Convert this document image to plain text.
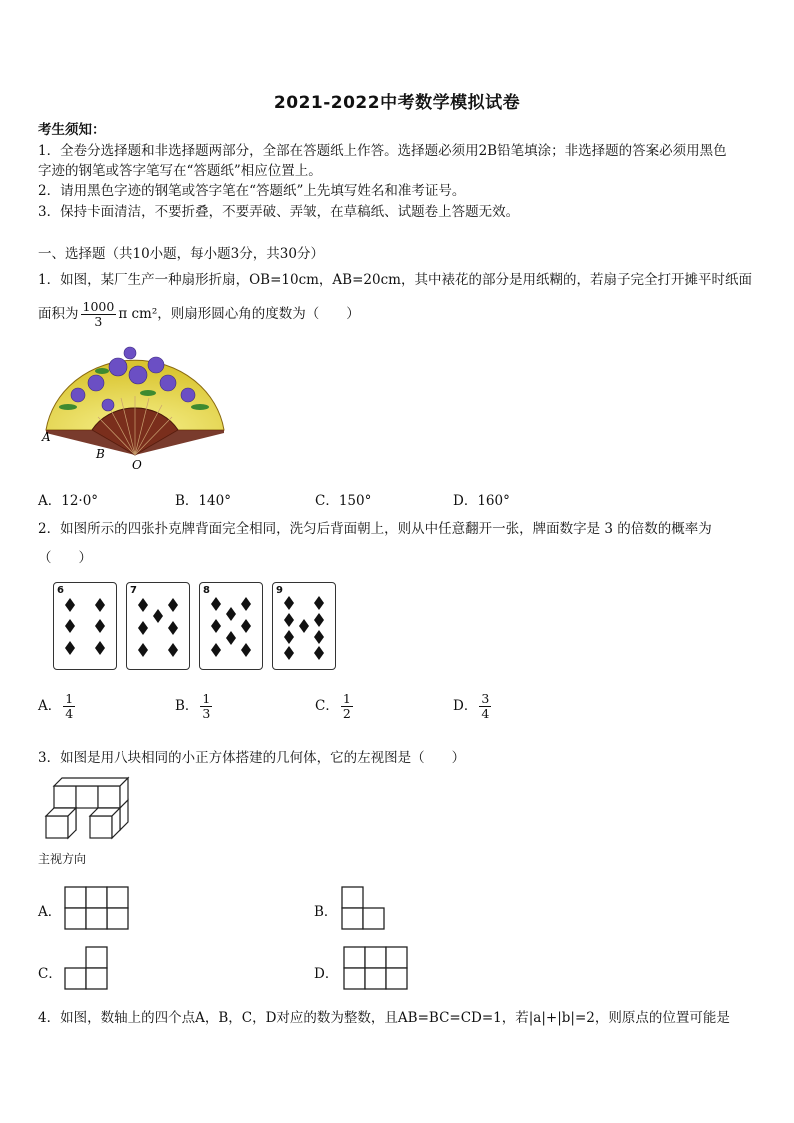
2021-2022中考数学模拟试卷
考生须知：
1．全卷分选择题和非选择题两部分，全部在答题纸上作答。选择题必须用2B铅笔填涂；非选择题的答案必须用黑色
字迹的钢笔或答字笔写在“答题纸”相应位置上。
2．请用黑色字迹的钢笔或答字笔在“答题纸”上先填写姓名和准考证号。
3．保持卡面清洁，不要折叠，不要弄破、弄皱，在草稿纸、试题卷上答题无效。
一、选择题（共10小题，每小题3分，共30分）
1．如图，某厂生产一种扇形折扇，OB=10cm，AB=20cm，其中裱花的部分是用纸糊的，若扇子完全打开摊平时纸面
面积为 $\frac{1000}{3}$ π cm²，则扇形圆心角的度数为（　　）
A
B
O
A．12·0°	B．140°	C．150°	D．160°
2．如图所示的四张扑克牌背面完全相同，洗匀后背面朝上，则从中任意翻开一张，牌面数字是 3 的倍数的概率为
（　　）
6	7	8	9
A． $\frac{1}{4}$	B． $\frac{1}{3}$	C． $\frac{1}{2}$	D． $\frac{3}{4}$
3．如图是用八块相同的小正方体搭建的几何体，它的左视图是（　　）
主视方向
A．	B．
C．	D．
4．如图，数轴上的四个点A，B，C，D对应的数为整数，且AB=BC=CD=1，若|a|+|b|=2，则原点的位置可能是
